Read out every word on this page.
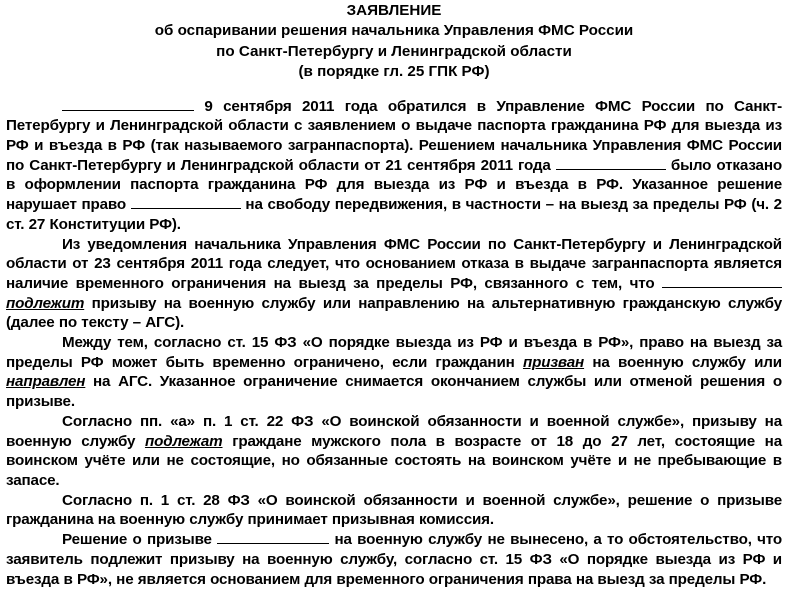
ЗАЯВЛЕНИЕ
об оспаривании решения начальника Управления ФМС России
по Санкт-Петербургу и Ленинградской области
(в порядке гл. 25 ГПК РФ)

9 сентября 2011 года обратился в Управление ФМС России по Санкт-Петербургу и Ленинградской области с заявлением о выдаче паспорта гражданина РФ для выезда из РФ и въезда в РФ (так называемого загранпаспорта). Решением начальника Управления ФМС России по Санкт-Петербургу и Ленинградской области от 21 сентября 2011 года	было отказано в оформлении паспорта гражданина РФ для выезда из РФ и въезда в РФ. Указанное решение нарушает право	на свободу передвижения, в частности – на выезд за пределы РФ (ч. 2 ст. 27 Конституции РФ).

Из уведомления начальника Управления ФМС России по Санкт-Петербургу и Ленинградской области от 23 сентября 2011 года следует, что основанием отказа в выдаче загранпаспорта является наличие временного ограничения на выезд за пределы РФ, связанного с тем, что  подлежит призыву на военную службу или направлению на альтернативную гражданскую службу (далее по тексту – АГС).

Между тем, согласно ст. 15 ФЗ «О порядке выезда из РФ и въезда в РФ», право на выезд за пределы РФ может быть временно ограничено, если гражданин призван на военную службу или направлен на АГС. Указанное ограничение снимается окончанием службы или отменой решения о призыве.

Согласно пп. «а» п. 1 ст. 22 ФЗ «О воинской обязанности и военной службе», призыву на военную службу подлежат граждане мужского пола в возрасте от 18 до 27 лет, состоящие на воинском учёте или не состоящие, но обязанные состоять на воинском учёте и не пребывающие в запасе.

Согласно п. 1 ст. 28 ФЗ «О воинской обязанности и военной службе», решение о призыве гражданина на военную службу принимает призывная комиссия.

Решение о призыве	на военную службу не вынесено, а то обстоятельство, что заявитель подлежит призыву на военную службу, согласно ст. 15 ФЗ «О порядке выезда из РФ и въезда в РФ», не является основанием для временного ограничения права на выезд за пределы РФ.
